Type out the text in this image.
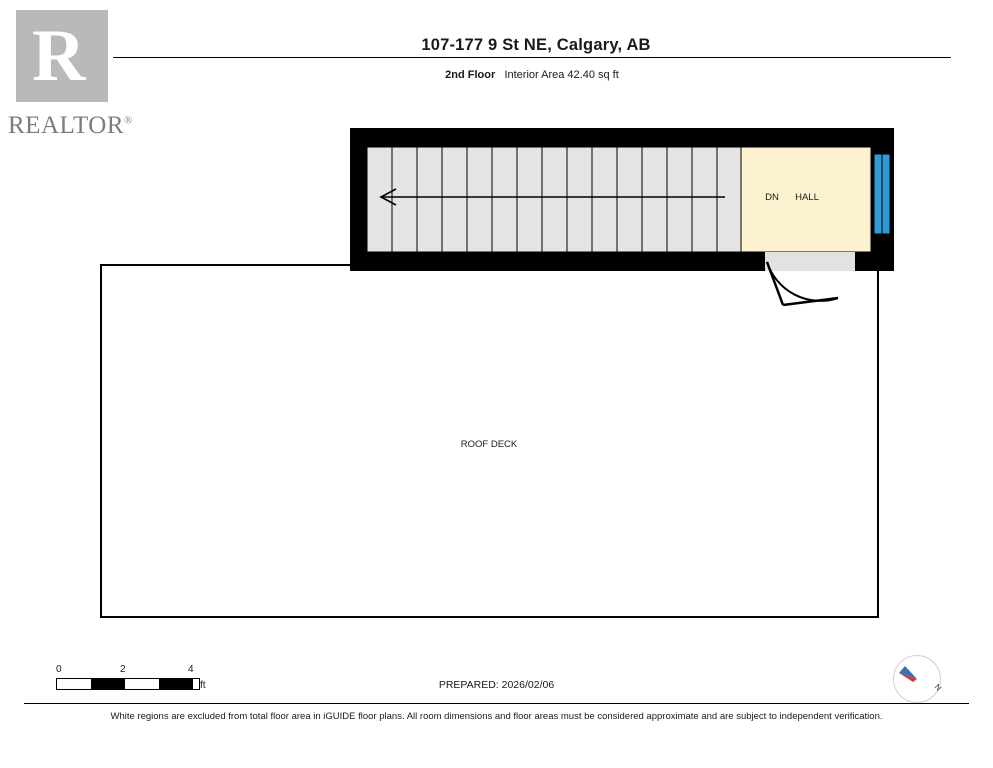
R
REALTOR®
107-177 9 St NE, Calgary, AB
2nd Floor Interior Area 42.40 sq ft
DN HALL
ROOF DECK
0	2	4
ft	PREPARED: 2026/02/06	N
White regions are excluded from total floor area in iGUIDE floor plans. All room dimensions and floor areas must be considered approximate and are subject to independent verification.
